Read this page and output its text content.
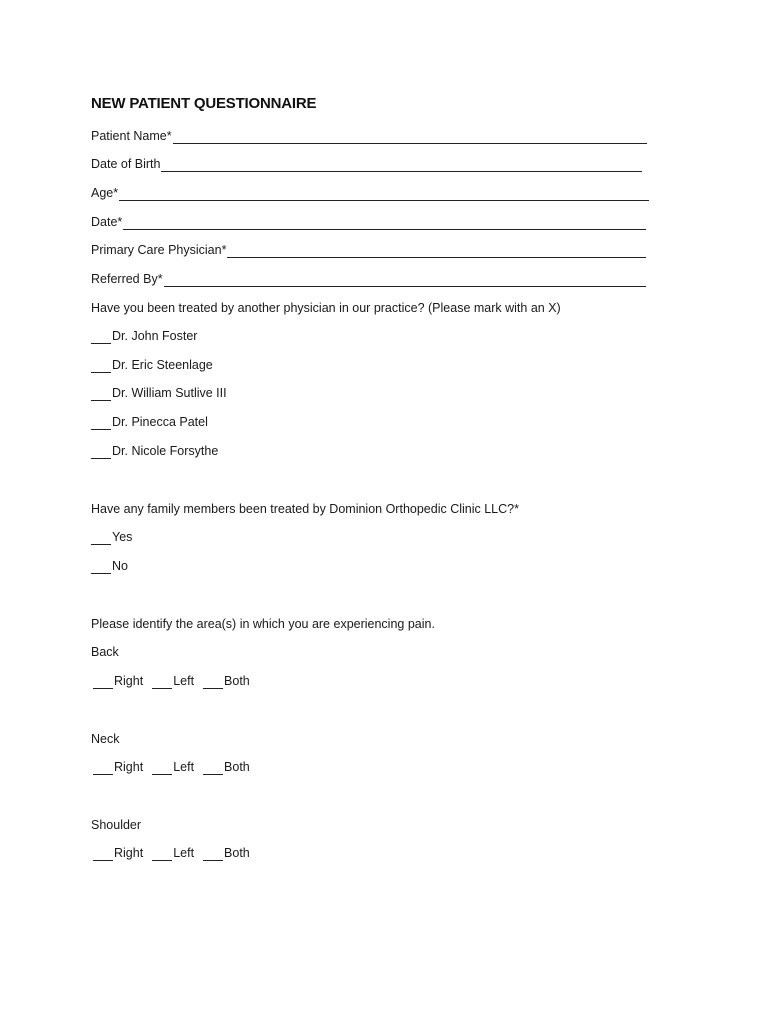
NEW PATIENT QUESTIONNAIRE
Patient Name*
Date of Birth
Age*
Date*
Primary Care Physician*
Referred By*
Have you been treated by another physician in our practice? (Please mark with an X)
Dr. John Foster
Dr. Eric Steenlage
Dr. William Sutlive III
Dr. Pinecca Patel
Dr. Nicole Forsythe
Have any family members been treated by Dominion Orthopedic Clinic LLC?*
Yes
No
Please identify the area(s) in which you are experiencing pain.
Back
Right Left Both
Neck
Right Left Both
Shoulder
Right Left Both
